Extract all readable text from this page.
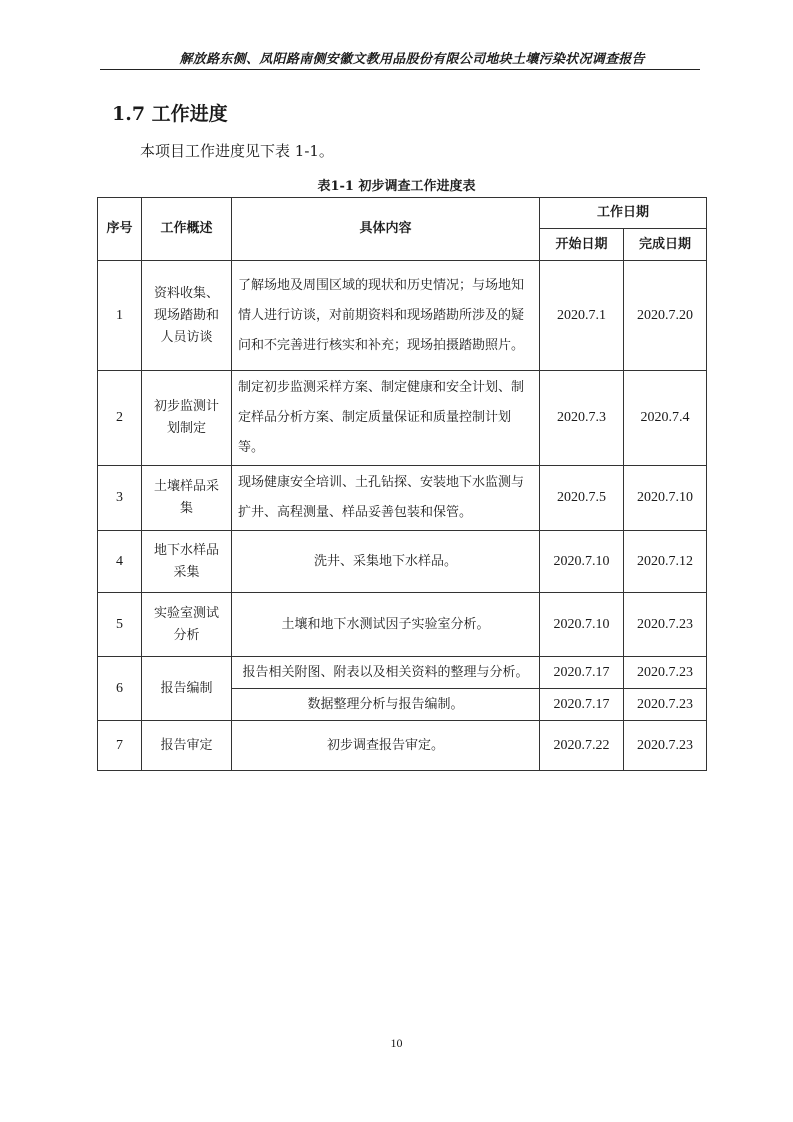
解放路东侧、凤阳路南侧安徽文教用品股份有限公司地块土壤污染状况调查报告
1.7 工作进度
本项目工作进度见下表 1-1。
表1-1 初步调查工作进度表
序号	工作概述	具体内容	工作日期	
			开始日期	完成日期
1	资料收集、现场踏勘和人员访谈	了解场地及周围区域的现状和历史情况；与场地知情人进行访谈，对前期资料和现场踏勘所涉及的疑问和不完善进行核实和补充；现场拍摄踏勘照片。	2020.7.1	2020.7.20
2	初步监测计划制定	制定初步监测采样方案、制定健康和安全计划、制定样品分析方案、制定质量保证和质量控制计划等。	2020.7.3	2020.7.4
3	土壤样品采集	现场健康安全培训、土孔钻探、安装地下水监测与扩井、高程测量、样品妥善包装和保管。	2020.7.5	2020.7.10
4	地下水样品采集	洗井、采集地下水样品。	2020.7.10	2020.7.12
5	实验室测试分析	土壤和地下水测试因子实验室分析。	2020.7.10	2020.7.23
6	报告编制	报告相关附图、附表以及相关资料的整理与分析。	2020.7.17	2020.7.23
		数据整理分析与报告编制。	2020.7.17	2020.7.23
7	报告审定	初步调查报告审定。	2020.7.22	2020.7.23
10
